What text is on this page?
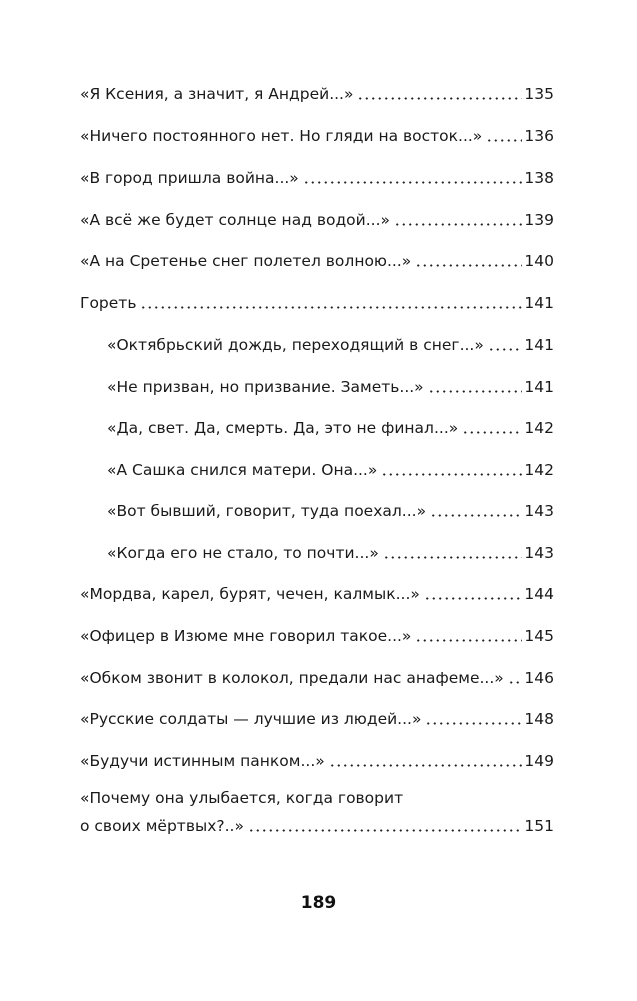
«Я Ксения, а значит, я Андрей...»	135
«Ничего постоянного нет. Но гляди на восток...»	136
«В город пришла война...»	138
«А всё же будет солнце над водой...»	139
«А на Сретенье снег полетел волною...»	140
Гореть	141
«Октябрьский дождь, переходящий в снег...»	141
«Не призван, но призвание. Заметь...»	141
«Да, свет. Да, смерть. Да, это не финал...»	142
«А Сашка снился матери. Она...»	142
«Вот бывший, говорит, туда поехал...»	143
«Когда его не стало, то почти...»	143
«Мордва, карел, бурят, чечен, калмык...»	144
«Офицер в Изюме мне говорил такое...»	145
«Обком звонит в колокол, предали нас анафеме...» 146
«Русские солдаты — лучшие из людей...»	148
«Будучи истинным панком...»	149
«Почему она улыбается, когда говорит
о своих мёртвых?..»	151
189
